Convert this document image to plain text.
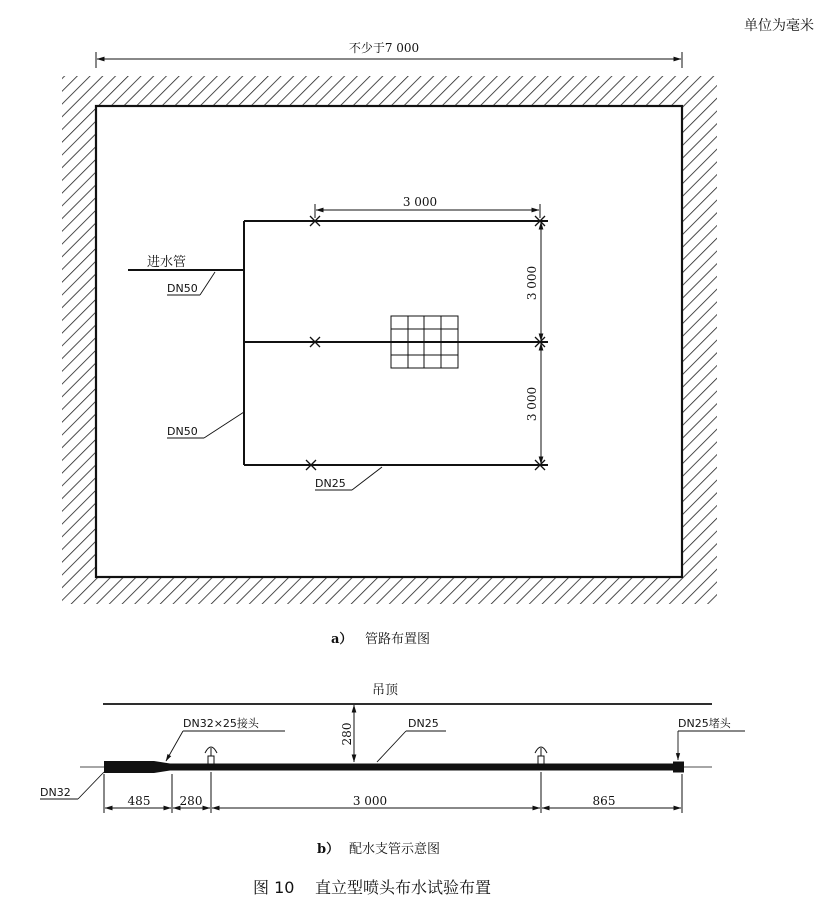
单位为毫米
不少于7 000
3 000
3 000
3 000
进水管
DN50
DN50
DN25
a） 管路布置图
吊顶
280
DN32×25接头	DN25	DN25堵头
DN32
485 280	3 000	865
b） 配水支管示意图
图 10 直立型喷头布水试验布置
